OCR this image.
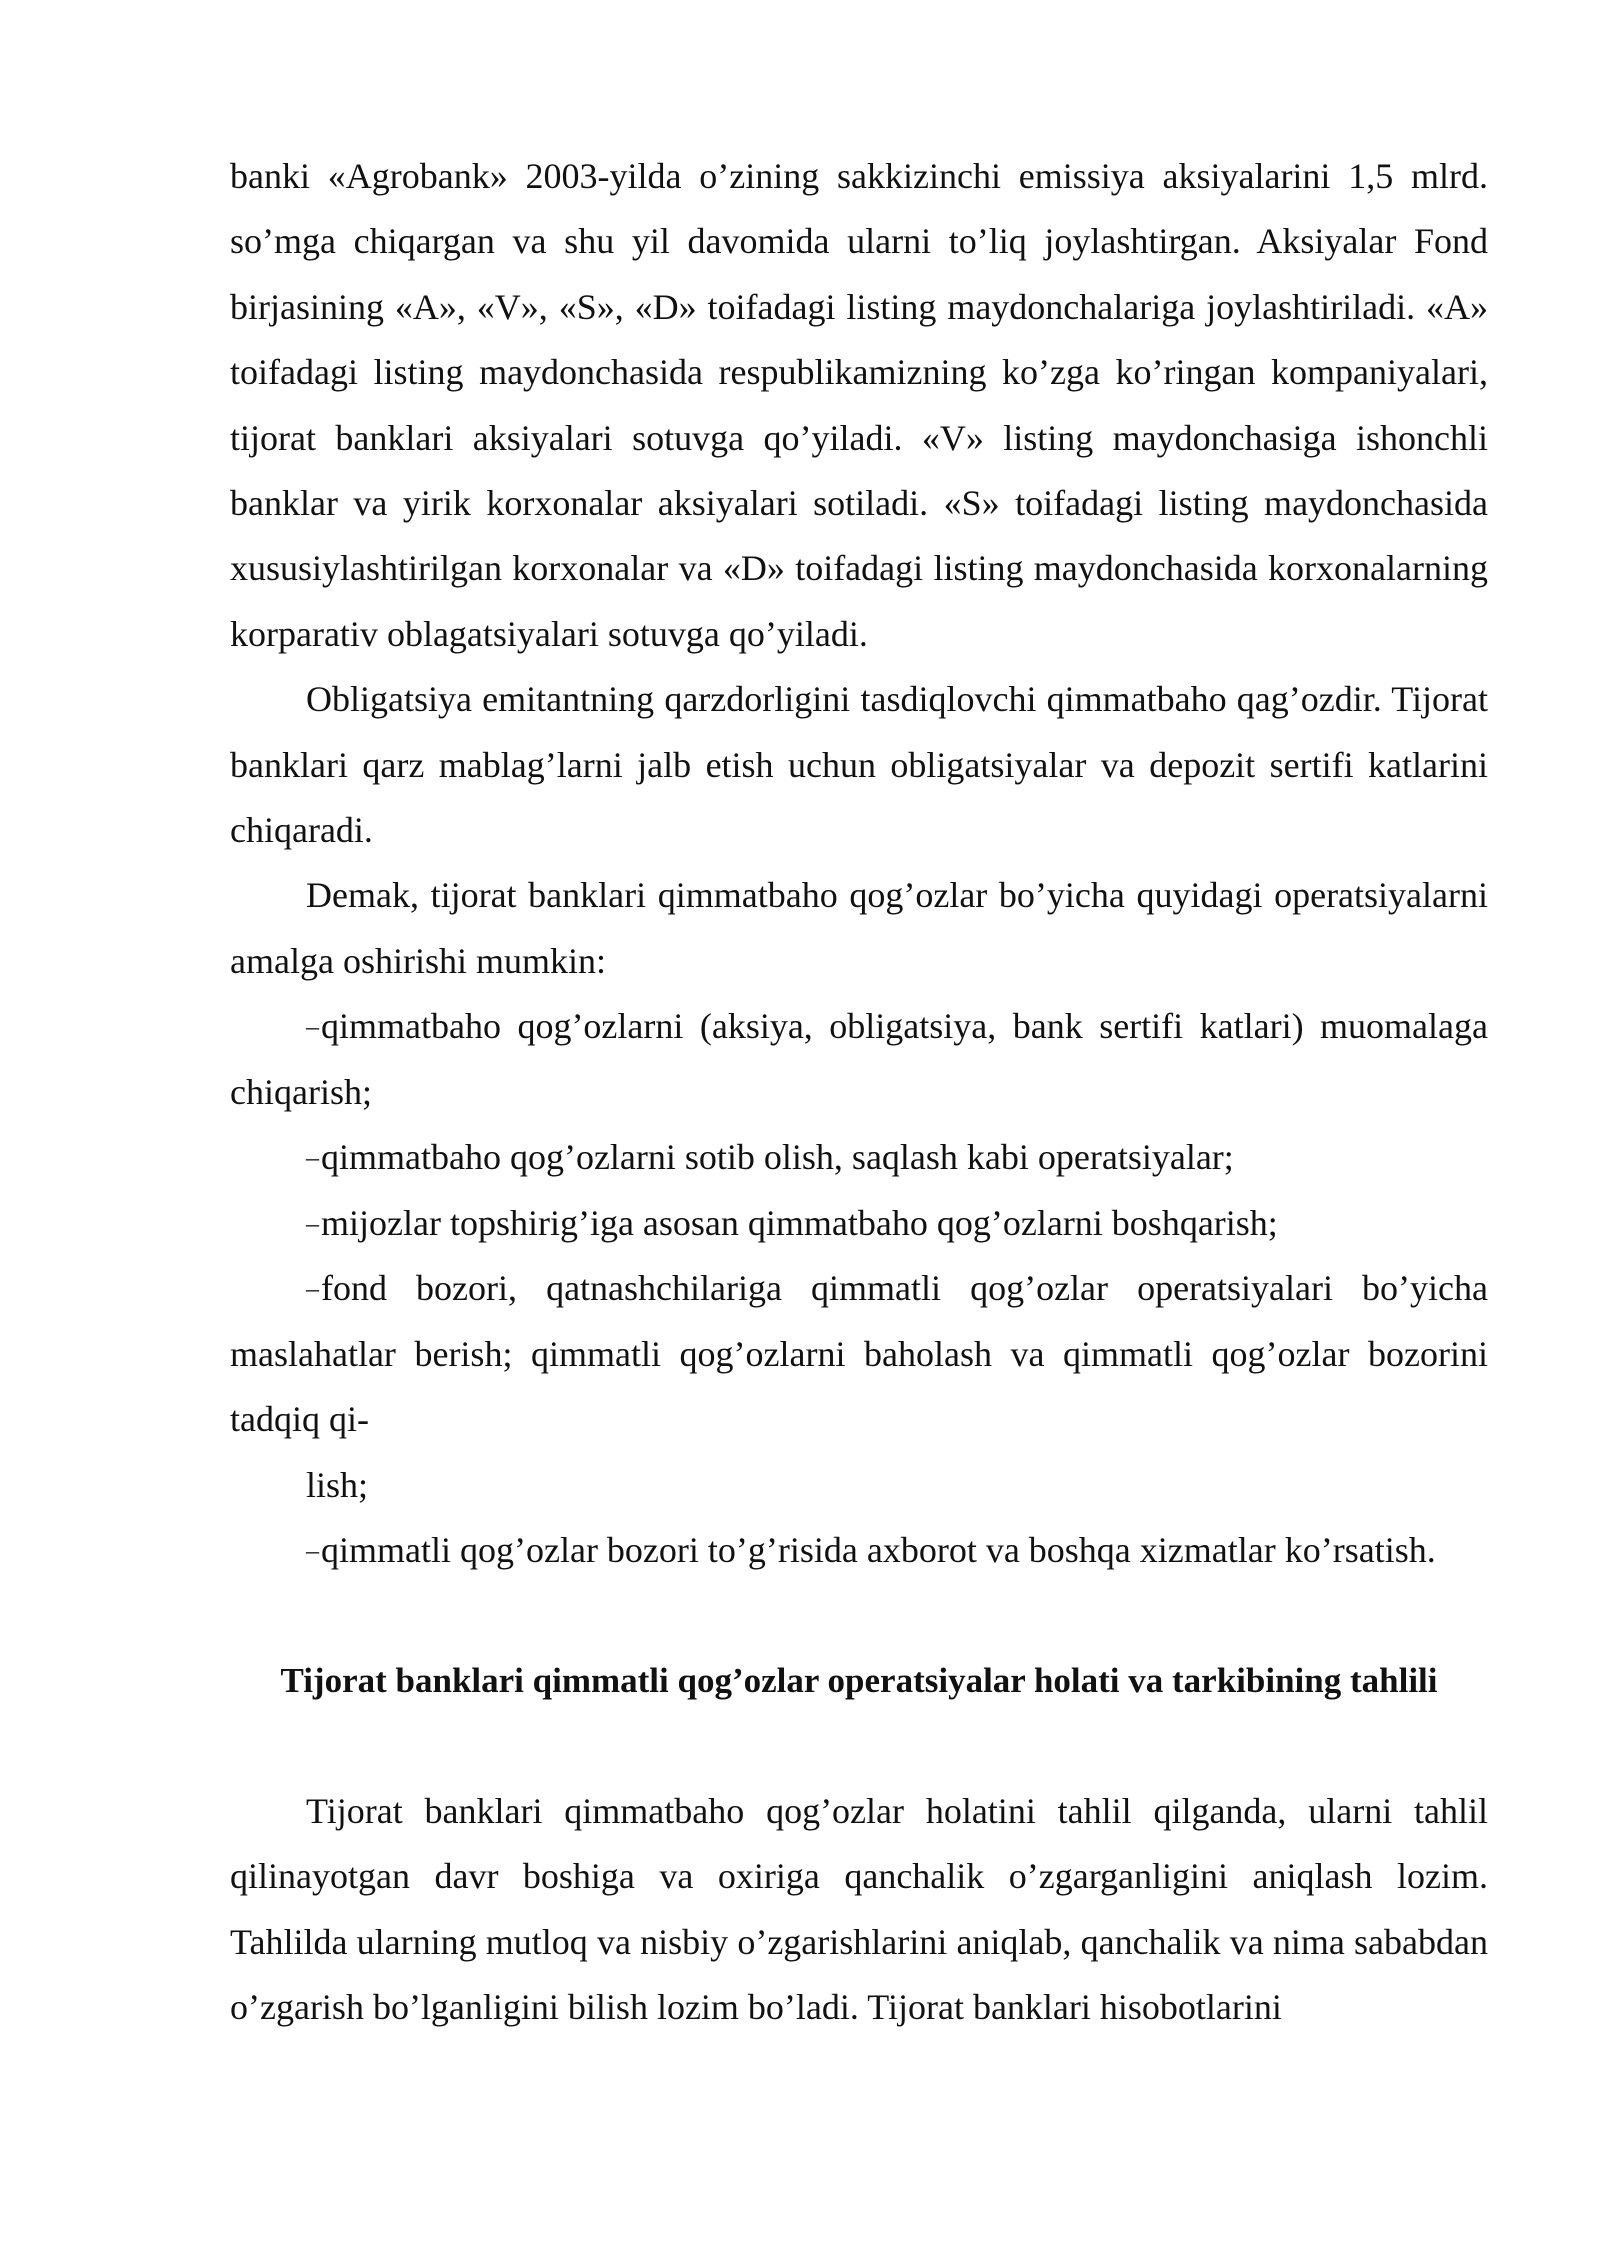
banki «Agrobank» 2003-yilda o’zining sakkizinchi emissiya aksiyalarini 1,5 mlrd. so’mga chiqargan va shu yil davomida ularni to’liq joylashtirgan. Aksiyalar Fond birjasining «A», «V», «S», «D» toifadagi listing maydonchalariga joylashtiriladi. «A» toifadagi listing maydonchasida respublikamizning ko’zga ko’ringan kompaniyalari, tijorat banklari aksiyalari sotuvga qo’yiladi. «V» listing maydonchasiga ishonchli banklar va yirik korxonalar aksiyalari sotiladi. «S» toifadagi listing maydonchasida xususiylashtirilgan korxonalar va «D» toifadagi listing maydonchasida korxonalarning korparativ oblagatsiyalari sotuvga qo’yiladi.

Obligatsiya emitantning qarzdorligini tasdiqlovchi qimmatbaho qag’ozdir. Tijorat banklari qarz mablag’larni jalb etish uchun obligatsiyalar va depozit sertifi katlarini chiqaradi.

Demak, tijorat banklari qimmatbaho qog’ozlar bo’yicha quyidagi operatsiyalarni amalga oshirishi mumkin:

–qimmatbaho qog’ozlarni (aksiya, obligatsiya, bank sertifi katlari) muomalaga chiqarish;

–qimmatbaho qog’ozlarni sotib olish, saqlash kabi operatsiyalar;

–mijozlar topshirig’iga asosan qimmatbaho qog’ozlarni boshqarish;

–fond bozori, qatnashchilariga qimmatli qog’ozlar operatsiyalari bo’yicha maslahatlar berish; qimmatli qog’ozlarni baholash va qimmatli qog’ozlar bozorini tadqiq qi-

lish;

–qimmatli qog’ozlar bozori to’g’risida axborot va boshqa xizmatlar ko’rsatish.

Tijorat banklari qimmatli qog’ozlar operatsiyalar holati va tarkibining tahlili

Tijorat banklari qimmatbaho qog’ozlar holatini tahlil qilganda, ularni tahlil qilinayotgan davr boshiga va oxiriga qanchalik o’zgarganligini aniqlash lozim. Tahlilda ularning mutloq va nisbiy o’zgarishlarini aniqlab, qanchalik va nima sababdan o’zgarish bo’lganligini bilish lozim bo’ladi. Tijorat banklari hisobotlarini
